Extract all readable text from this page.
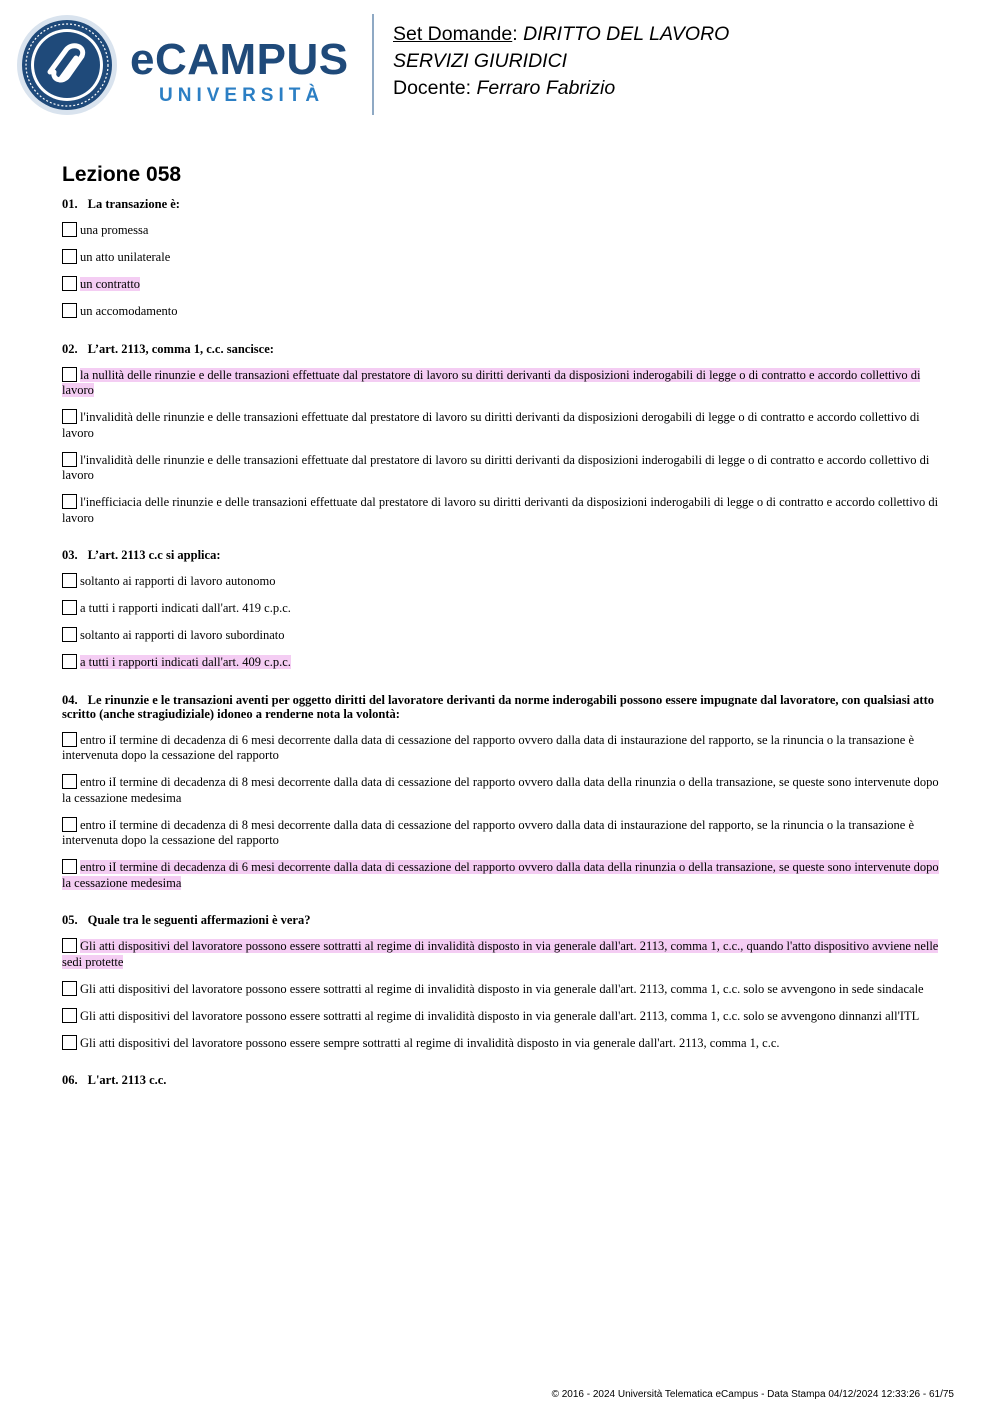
eCAMPUS
UNIVERSITÀ
Set Domande: DIRITTO DEL LAVORO
SERVIZI GIURIDICI
Docente: Ferraro Fabrizio
Lezione 058
01. La transazione è:
una promessa
un atto unilaterale
un contratto
un accomodamento
02. L’art. 2113, comma 1, c.c. sancisce:
la nullità delle rinunzie e delle transazioni effettuate dal prestatore di lavoro su diritti derivanti da disposizioni inderogabili di legge o di contratto e accordo collettivo di lavoro
l'invalidità delle rinunzie e delle transazioni effettuate dal prestatore di lavoro su diritti derivanti da disposizioni derogabili di legge o di contratto e accordo collettivo di lavoro
l'invalidità delle rinunzie e delle transazioni effettuate dal prestatore di lavoro su diritti derivanti da disposizioni inderogabili di legge o di contratto e accordo collettivo di lavoro
l'inefficiacia delle rinunzie e delle transazioni effettuate dal prestatore di lavoro su diritti derivanti da disposizioni inderogabili di legge o di contratto e accordo collettivo di lavoro
03. L’art. 2113 c.c si applica:
soltanto ai rapporti di lavoro autonomo
a tutti i rapporti indicati dall'art. 419 c.p.c.
soltanto ai rapporti di lavoro subordinato
a tutti i rapporti indicati dall'art. 409 c.p.c.
04. Le rinunzie e le transazioni aventi per oggetto diritti del lavoratore derivanti da norme inderogabili possono essere impugnate dal lavoratore, con qualsiasi atto scritto (anche stragiudiziale) idoneo a renderne nota la volontà:
entro iI termine di decadenza di 6 mesi decorrente dalla data di cessazione del rapporto ovvero dalla data di instaurazione del rapporto, se la rinuncia o la transazione è intervenuta dopo la cessazione del rapporto
entro iI termine di decadenza di 8 mesi decorrente dalla data di cessazione del rapporto ovvero dalla data della rinunzia o della transazione, se queste sono intervenute dopo la cessazione medesima
entro iI termine di decadenza di 8 mesi decorrente dalla data di cessazione del rapporto ovvero dalla data di instaurazione del rapporto, se la rinuncia o la transazione è intervenuta dopo la cessazione del rapporto
entro iI termine di decadenza di 6 mesi decorrente dalla data di cessazione del rapporto ovvero dalla data della rinunzia o della transazione, se queste sono intervenute dopo la cessazione medesima
05. Quale tra le seguenti affermazioni è vera?
Gli atti dispositivi del lavoratore possono essere sottratti al regime di invalidità disposto in via generale dall'art. 2113, comma 1, c.c., quando l'atto dispositivo avviene nelle sedi protette
Gli atti dispositivi del lavoratore possono essere sottratti al regime di invalidità disposto in via generale dall'art. 2113, comma 1, c.c. solo se avvengono in sede sindacale
Gli atti dispositivi del lavoratore possono essere sottratti al regime di invalidità disposto in via generale dall'art. 2113, comma 1, c.c. solo se avvengono dinnanzi all'ITL
Gli atti dispositivi del lavoratore possono essere sempre sottratti al regime di invalidità disposto in via generale dall'art. 2113, comma 1, c.c.
06. L'art. 2113 c.c.
© 2016 - 2024 Università Telematica eCampus - Data Stampa 04/12/2024 12:33:26 - 61/75
